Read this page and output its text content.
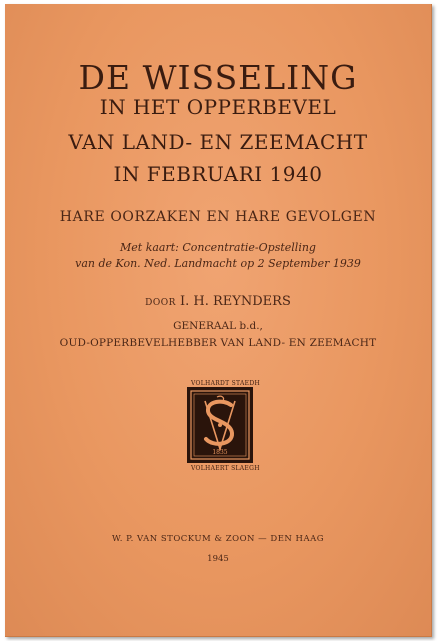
DE WISSELING
IN HET OPPERBEVEL
VAN LAND- EN ZEEMACHT
IN FEBRUARI 1940
HARE OORZAKEN EN HARE GEVOLGEN
Met kaart: Concentratie-Opstelling
van de Kon. Ned. Landmacht op 2 September 1939
DOOR I. H. REYNDERS
GENERAAL b.d.,
OUD-OPPERBEVELHEBBER VAN LAND- EN ZEEMACHT
VOLHARDT STAEDH
1835
VOLHAERT SLAEGH
W. P. VAN STOCKUM & ZOON — DEN HAAG
1945
